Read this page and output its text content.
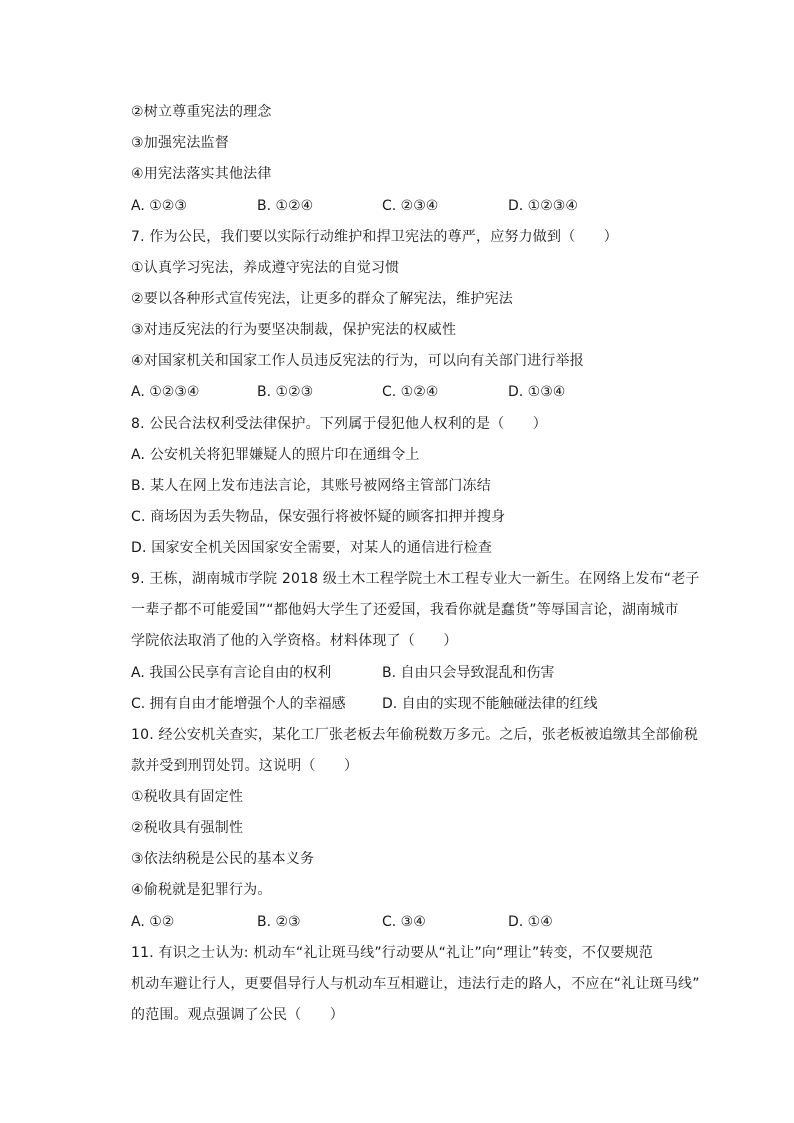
②树立尊重宪法的理念
③加强宪法监督
④用宪法落实其他法律
A. ①②③	B. ①②④	C. ②③④	D. ①②③④
7. 作为公民，我们要以实际行动维护和捍卫宪法的尊严，应努力做到（　　）
①认真学习宪法，养成遵守宪法的自觉习惯
②要以各种形式宣传宪法，让更多的群众了解宪法，维护宪法
③对违反宪法的行为要坚决制裁，保护宪法的权威性
④对国家机关和国家工作人员违反宪法的行为，可以向有关部门进行举报
A. ①②③④	B. ①②③	C. ①②④	D. ①③④
8. 公民合法权利受法律保护。下列属于侵犯他人权利的是（　　）
A. 公安机关将犯罪嫌疑人的照片印在通缉令上
B. 某人在网上发布违法言论，其账号被网络主管部门冻结
C. 商场因为丢失物品，保安强行将被怀疑的顾客扣押并搜身
D. 国家安全机关因国家安全需要，对某人的通信进行检查
9. 王栋，湖南城市学院 2018 级土木工程学院土木工程专业大一新生。在网络上发布“老子
一辈子都不可能爱国”“都他妈大学生了还爱国，我看你就是蠢货”等辱国言论，湖南城市
学院依法取消了他的入学资格。材料体现了（　　）
A. 我国公民享有言论自由的权利	B. 自由只会导致混乱和伤害
C. 拥有自由才能增强个人的幸福感	D. 自由的实现不能触碰法律的红线
10. 经公安机关查实，某化工厂张老板去年偷税数万多元。之后，张老板被追缴其全部偷税
款并受到刑罚处罚。这说明（　　）
①税收具有固定性
②税收具有强制性
③依法纳税是公民的基本义务
④偷税就是犯罪行为。
A. ①②	B. ②③	C. ③④	D. ①④
11. 有识之士认为: 机动车“礼让斑马线”行动要从“礼让”向“理让”转变，不仅要规范
机动车避让行人，更要倡导行人与机动车互相避让，违法行走的路人，不应在“礼让斑马线”
的范围。观点强调了公民（　　）
